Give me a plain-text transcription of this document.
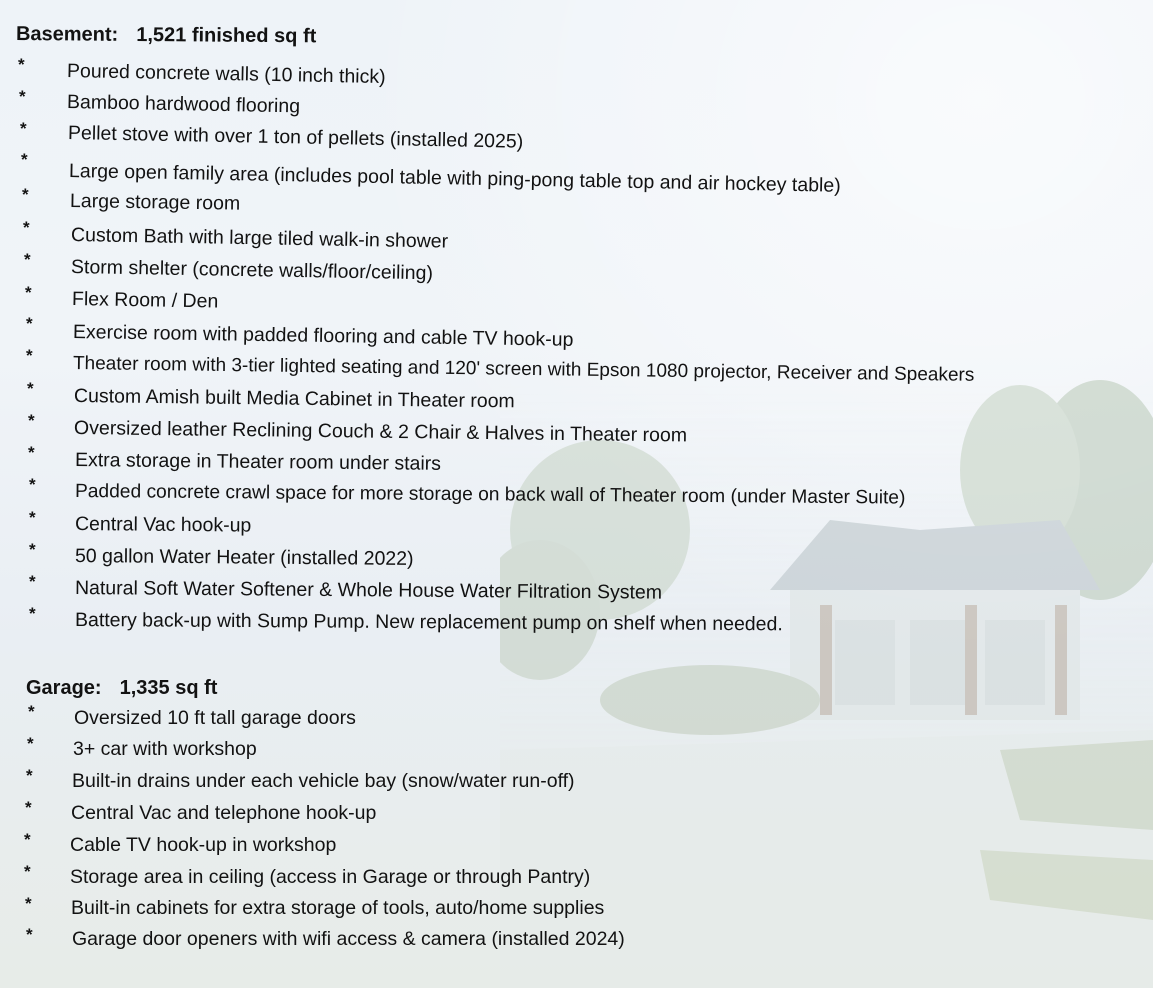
Basement: 1,521 finished sq ft
* Poured concrete walls (10 inch thick)
* Bamboo hardwood flooring
* Pellet stove with over 1 ton of pellets (installed 2025)
*
Large open family area (includes pool table with ping-pong table top and air hockey table)
* Large storage room
* Custom Bath with large tiled walk-in shower
* Storm shelter (concrete walls/floor/ceiling)
* Flex Room / Den
* Exercise room with padded flooring and cable TV hook-up
* Theater room with 3-tier lighted seating and 120' screen with Epson 1080 projector, Receiver and Speakers
* Custom Amish built Media Cabinet in Theater room
* Oversized leather Reclining Couch & 2 Chair & Halves in Theater room
* Extra storage in Theater room under stairs
* Padded concrete crawl space for more storage on back wall of Theater room (under Master Suite)
* Central Vac hook-up
* 50 gallon Water Heater (installed 2022)
* Natural Soft Water Softener & Whole House Water Filtration System
* Battery back-up with Sump Pump. New replacement pump on shelf when needed.
Garage: 1,335 sq ft
* Oversized 10 ft tall garage doors
* 3+ car with workshop
* Built-in drains under each vehicle bay (snow/water run-off)
* Central Vac and telephone hook-up
* Cable TV hook-up in workshop
* Storage area in ceiling (access in Garage or through Pantry)
* Built-in cabinets for extra storage of tools, auto/home supplies
* Garage door openers with wifi access & camera (installed 2024)
